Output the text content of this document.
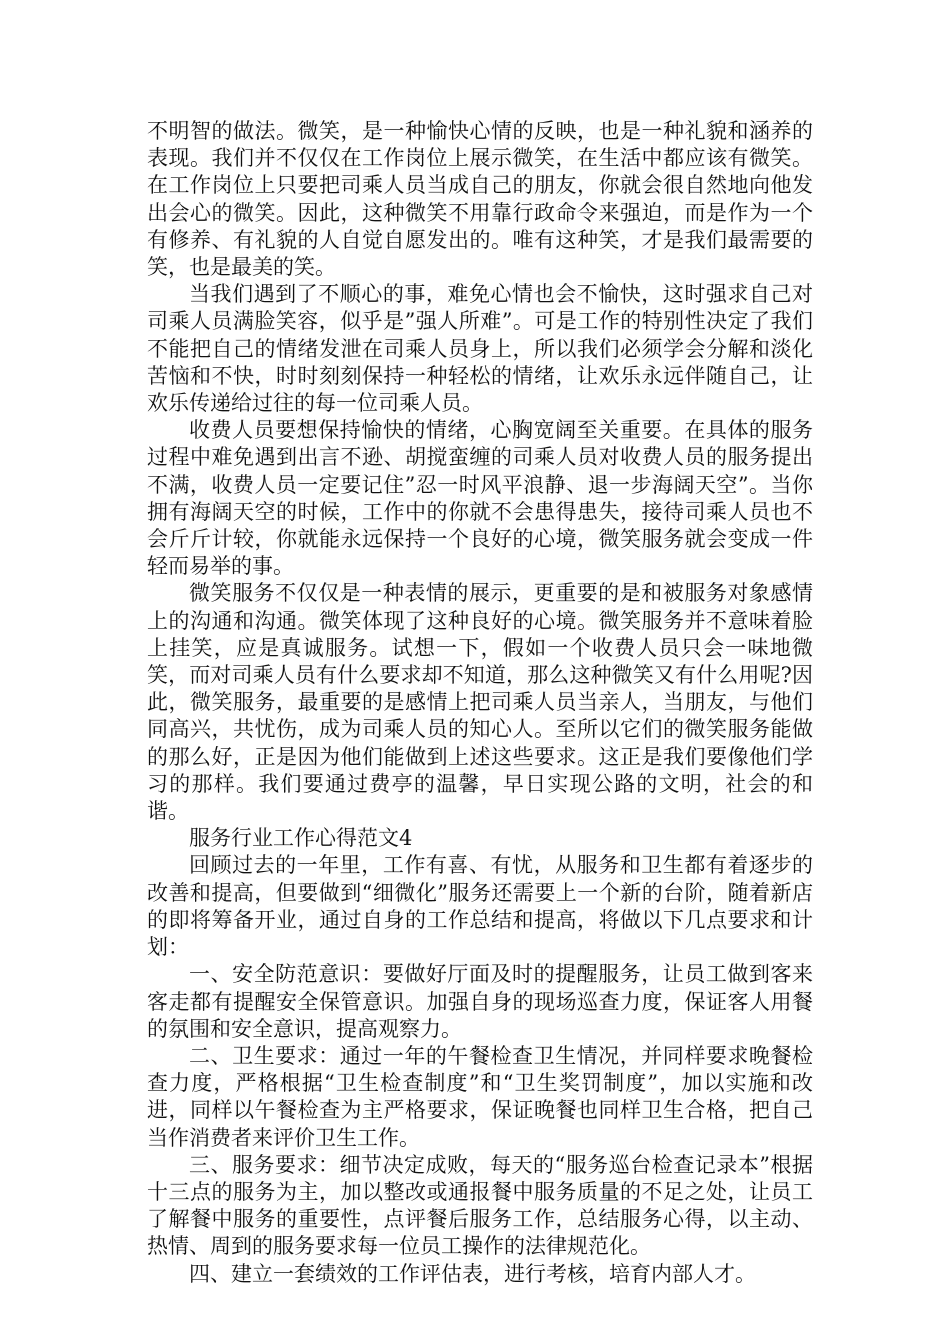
不明智的做法。微笑，是一种愉快心情的反映，也是一种礼貌和涵养的表现。我们并不仅仅在工作岗位上展示微笑，在生活中都应该有微笑。在工作岗位上只要把司乘人员当成自己的朋友，你就会很自然地向他发出会心的微笑。因此，这种微笑不用靠行政命令来强迫，而是作为一个有修养、有礼貌的人自觉自愿发出的。唯有这种笑，才是我们最需要的笑，也是最美的笑。

当我们遇到了不顺心的事，难免心情也会不愉快，这时强求自己对司乘人员满脸笑容，似乎是”强人所难”。可是工作的特别性决定了我们不能把自己的情绪发泄在司乘人员身上，所以我们必须学会分解和淡化苦恼和不快，时时刻刻保持一种轻松的情绪，让欢乐永远伴随自己，让欢乐传递给过往的每一位司乘人员。

收费人员要想保持愉快的情绪，心胸宽阔至关重要。在具体的服务过程中难免遇到出言不逊、胡搅蛮缠的司乘人员对收费人员的服务提出不满，收费人员一定要记住”忍一时风平浪静、退一步海阔天空”。当你拥有海阔天空的时候，工作中的你就不会患得患失，接待司乘人员也不会斤斤计较，你就能永远保持一个良好的心境，微笑服务就会变成一件轻而易举的事。

微笑服务不仅仅是一种表情的展示，更重要的是和被服务对象感情上的沟通和沟通。微笑体现了这种良好的心境。微笑服务并不意味着脸上挂笑，应是真诚服务。试想一下，假如一个收费人员只会一味地微笑，而对司乘人员有什么要求却不知道，那么这种微笑又有什么用呢?因此，微笑服务，最重要的是感情上把司乘人员当亲人，当朋友，与他们同高兴，共忧伤，成为司乘人员的知心人。至所以它们的微笑服务能做的那么好，正是因为他们能做到上述这些要求。这正是我们要像他们学习的那样。我们要通过费亭的温馨，早日实现公路的文明，社会的和谐。

服务行业工作心得范文4

回顾过去的一年里，工作有喜、有忧，从服务和卫生都有着逐步的改善和提高，但要做到“细微化”服务还需要上一个新的台阶，随着新店的即将筹备开业，通过自身的工作总结和提高，将做以下几点要求和计划：

一、安全防范意识：要做好厅面及时的提醒服务，让员工做到客来客走都有提醒安全保管意识。加强自身的现场巡查力度，保证客人用餐的氛围和安全意识，提高观察力。

二、卫生要求：通过一年的午餐检查卫生情况，并同样要求晚餐检查力度，严格根据“卫生检查制度”和“卫生奖罚制度”，加以实施和改进，同样以午餐检查为主严格要求，保证晚餐也同样卫生合格，把自己当作消费者来评价卫生工作。

三、服务要求：细节决定成败，每天的“服务巡台检查记录本”根据十三点的服务为主，加以整改或通报餐中服务质量的不足之处，让员工了解餐中服务的重要性，点评餐后服务工作，总结服务心得，以主动、热情、周到的服务要求每一位员工操作的法律规范化。

四、建立一套绩效的工作评估表，进行考核，培育内部人才。
